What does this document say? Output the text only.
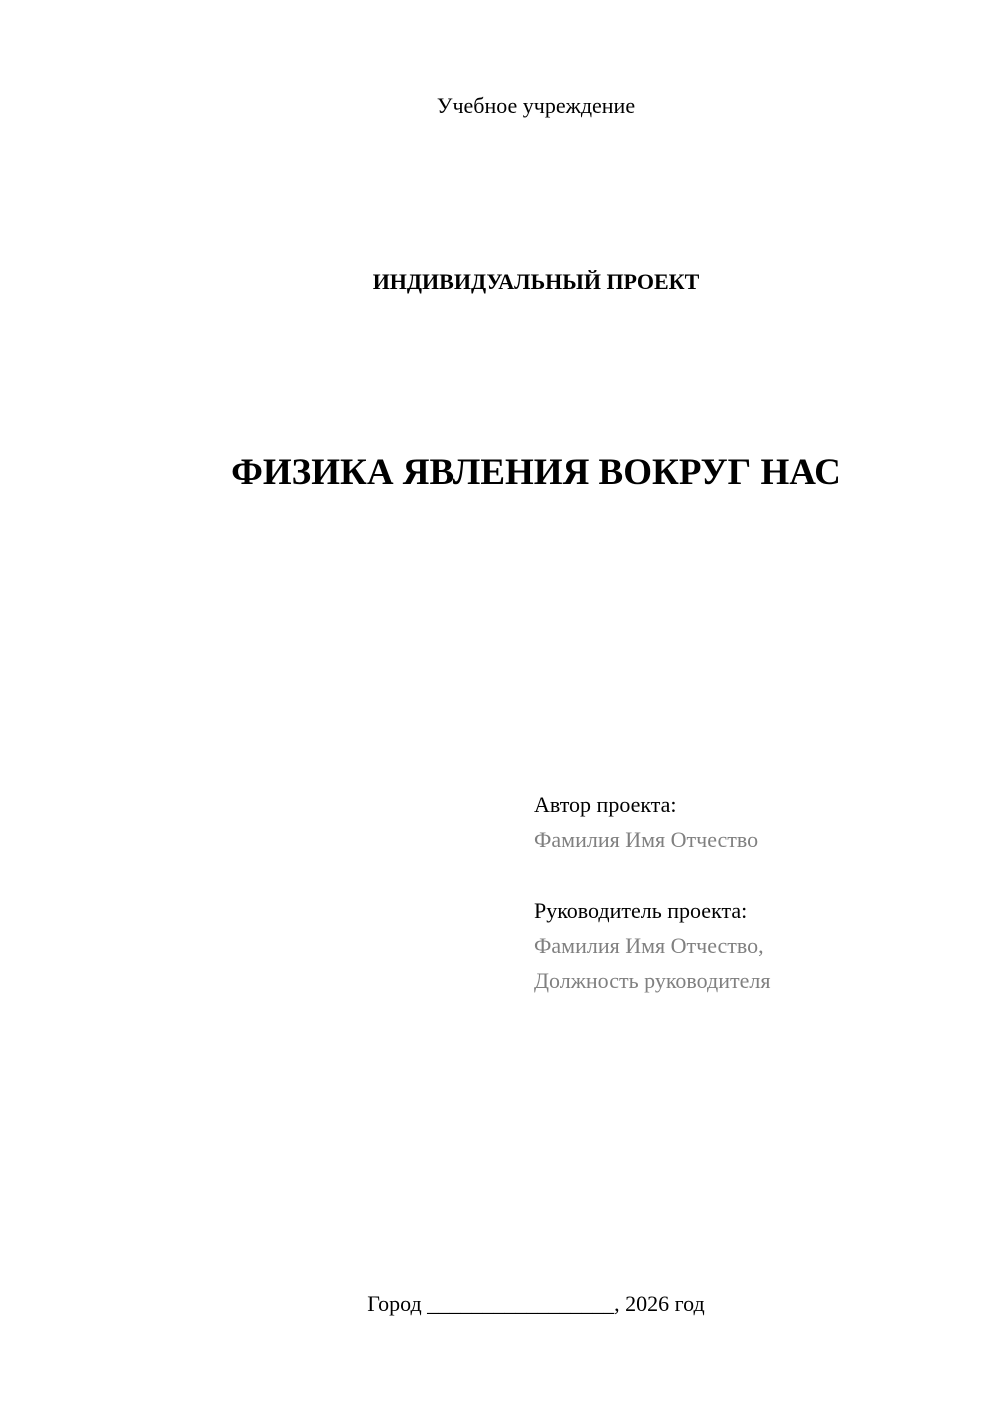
Учебное учреждение
ИНДИВИДУАЛЬНЫЙ ПРОЕКТ
ФИЗИКА ЯВЛЕНИЯ ВОКРУГ НАС
Автор проекта:
Фамилия Имя Отчество
Руководитель проекта:
Фамилия Имя Отчество,
Должность руководителя
Город _________________, 2026 год
